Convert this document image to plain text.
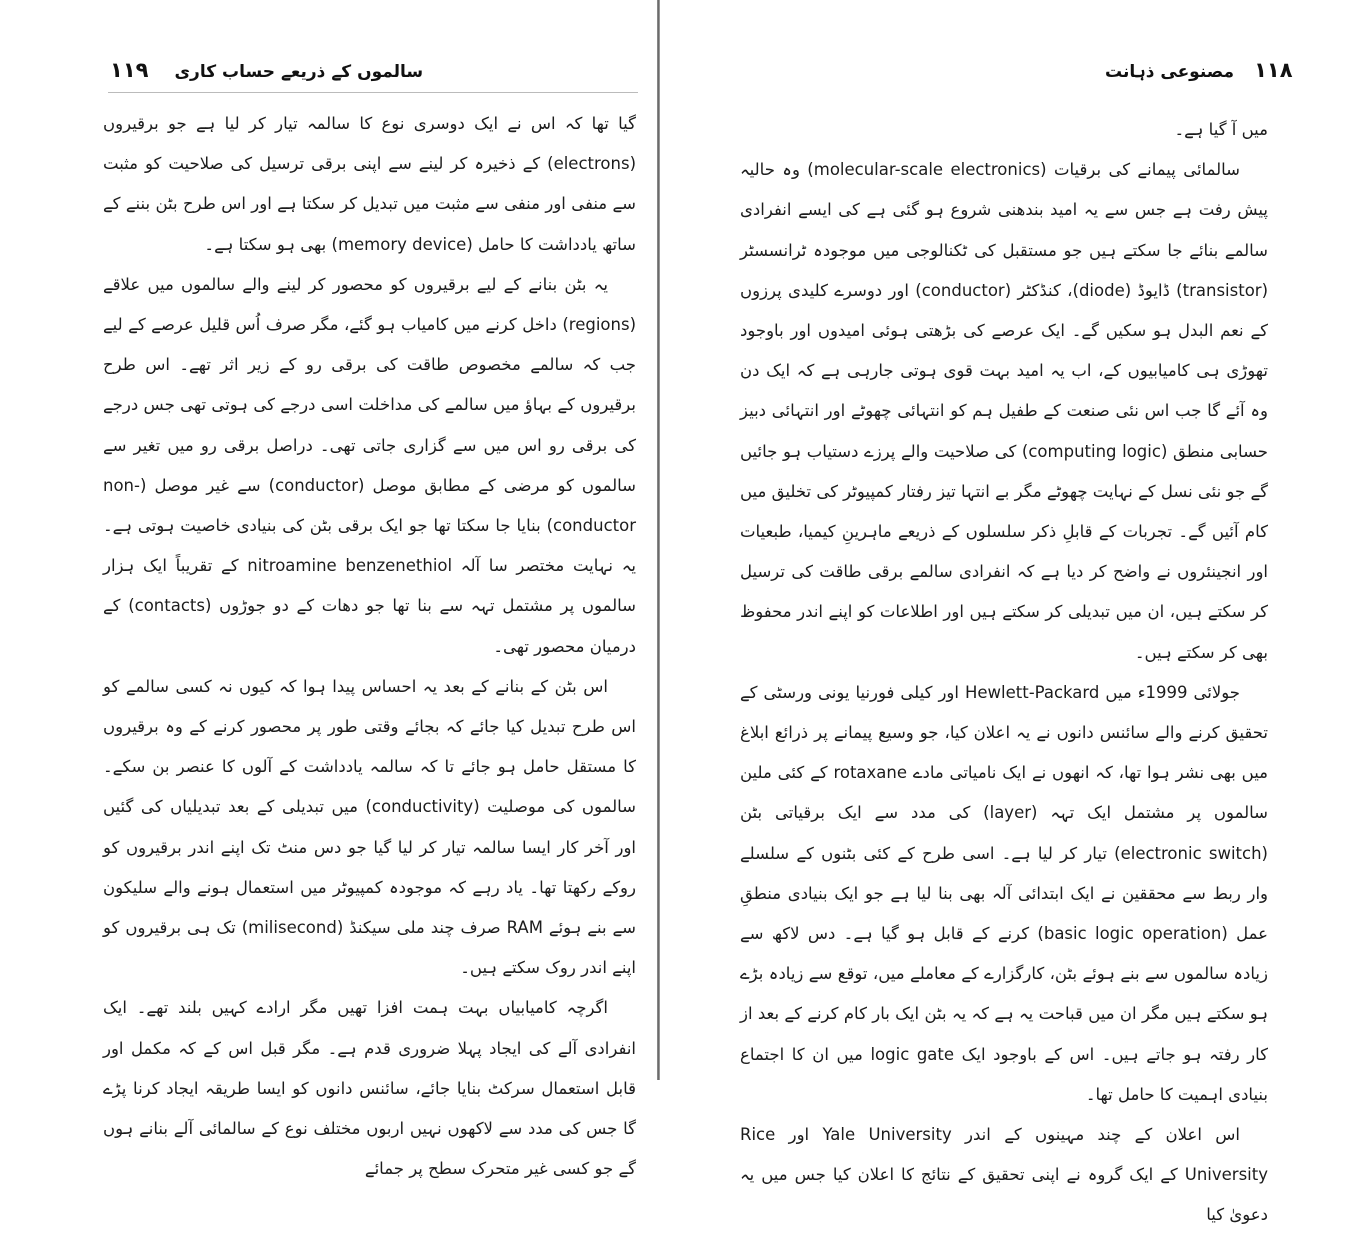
۱۱۹ سالموں کے ذریعے حساب کاری

گیا تھا کہ اس نے ایک دوسری نوع کا سالمہ تیار کر لیا ہے جو برقیروں (electrons) کے ذخیرہ کر لینے سے اپنی برقی ترسیل کی صلاحیت کو مثبت سے منفی اور منفی سے مثبت میں تبدیل کر سکتا ہے اور اس طرح بٹن بننے کے ساتھ یادداشت کا حامل (memory device) بھی ہو سکتا ہے۔

یہ بٹن بنانے کے لیے برقیروں کو محصور کر لینے والے سالموں میں علاقے (regions) داخل کرنے میں کامیاب ہو گئے، مگر صرف اُس قلیل عرصے کے لیے جب کہ سالمے مخصوص طاقت کی برقی رو کے زیر اثر تھے۔ اس طرح برقیروں کے بہاؤ میں سالمے کی مداخلت اسی درجے کی ہوتی تھی جس درجے کی برقی رو اس میں سے گزاری جاتی تھی۔ دراصل برقی رو میں تغیر سے سالموں کو مرضی کے مطابق موصل (conductor) سے غیر موصل (non-conductor) بنایا جا سکتا تھا جو ایک برقی بٹن کی بنیادی خاصیت ہوتی ہے۔ یہ نہایت مختصر سا آلہ nitroamine benzenethiol کے تقریباً ایک ہزار سالموں پر مشتمل تہہ سے بنا تھا جو دھات کے دو جوڑوں (contacts) کے درمیان محصور تھی۔

اس بٹن کے بنانے کے بعد یہ احساس پیدا ہوا کہ کیوں نہ کسی سالمے کو اس طرح تبدیل کیا جائے کہ بجائے وقتی طور پر محصور کرنے کے وہ برقیروں کا مستقل حامل ہو جائے تا کہ سالمہ یادداشت کے آلوں کا عنصر بن سکے۔ سالموں کی موصلیت (conductivity) میں تبدیلی کے بعد تبدیلیاں کی گئیں اور آخر کار ایسا سالمہ تیار کر لیا گیا جو دس منٹ تک اپنے اندر برقیروں کو روکے رکھتا تھا۔ یاد رہے کہ موجودہ کمپیوٹر میں استعمال ہونے والے سلیکون سے بنے ہوئے RAM صرف چند ملی سیکنڈ (milisecond) تک ہی برقیروں کو اپنے اندر روک سکتے ہیں۔

اگرچہ کامیابیاں بہت ہمت افزا تھیں مگر ارادے کہیں بلند تھے۔ ایک انفرادی آلے کی ایجاد پہلا ضروری قدم ہے۔ مگر قبل اس کے کہ مکمل اور قابل استعمال سرکٹ بنایا جائے، سائنس دانوں کو ایسا طریقہ ایجاد کرنا پڑے گا جس کی مدد سے لاکھوں نہیں اربوں مختلف نوع کے سالمائی آلے بنانے ہوں گے جو کسی غیر متحرک سطح پر جمائے

مصنوعی ذہانت ۱۱۸

میں آ گیا ہے۔

سالمائی پیمانے کی برقیات (molecular-scale electronics) وہ حالیہ پیش رفت ہے جس سے یہ امید بندھنی شروع ہو گئی ہے کی ایسے انفرادی سالمے بنائے جا سکتے ہیں جو مستقبل کی ٹکنالوجی میں موجودہ ٹرانسسٹر (transistor) ڈایوڈ (diode)، کنڈکٹر (conductor) اور دوسرے کلیدی پرزوں کے نعم البدل ہو سکیں گے۔ ایک عرصے کی بڑھتی ہوئی امیدوں اور باوجود تھوڑی ہی کامیابیوں کے، اب یہ امید بہت قوی ہوتی جارہی ہے کہ ایک دن وہ آئے گا جب اس نئی صنعت کے طفیل ہم کو انتہائی چھوٹے اور انتہائی دبیز حسابی منطق (computing logic) کی صلاحیت والے پرزے دستیاب ہو جائیں گے جو نئی نسل کے نہایت چھوٹے مگر بے انتہا تیز رفتار کمپیوٹر کی تخلیق میں کام آئیں گے۔ تجربات کے قابلِ ذکر سلسلوں کے ذریعے ماہرینِ کیمیا، طبعیات اور انجینئروں نے واضح کر دیا ہے کہ انفرادی سالمے برقی طاقت کی ترسیل کر سکتے ہیں، ان میں تبدیلی کر سکتے ہیں اور اطلاعات کو اپنے اندر محفوظ بھی کر سکتے ہیں۔

جولائی 1999ء میں Hewlett-Packard اور کیلی فورنیا یونی ورسٹی کے تحقیق کرنے والے سائنس دانوں نے یہ اعلان کیا، جو وسیع پیمانے پر ذرائع ابلاغ میں بھی نشر ہوا تھا، کہ انھوں نے ایک نامیاتی مادے rotaxane کے کئی ملین سالموں پر مشتمل ایک تہہ (layer) کی مدد سے ایک برقیاتی بٹن (electronic switch) تیار کر لیا ہے۔ اسی طرح کے کئی بٹنوں کے سلسلے وار ربط سے محققین نے ایک ابتدائی آلہ بھی بنا لیا ہے جو ایک بنیادی منطقِ عمل (basic logic operation) کرنے کے قابل ہو گیا ہے۔ دس لاکھ سے زیادہ سالموں سے بنے ہوئے بٹن، کارگزارے کے معاملے میں، توقع سے زیادہ بڑے ہو سکتے ہیں مگر ان میں قباحت یہ ہے کہ یہ بٹن ایک بار کام کرنے کے بعد از کار رفتہ ہو جاتے ہیں۔ اس کے باوجود ایک logic gate میں ان کا اجتماع بنیادی اہمیت کا حامل تھا۔

اس اعلان کے چند مہینوں کے اندر Yale University اور Rice University کے ایک گروہ نے اپنی تحقیق کے نتائج کا اعلان کیا جس میں یہ دعویٰ کیا
